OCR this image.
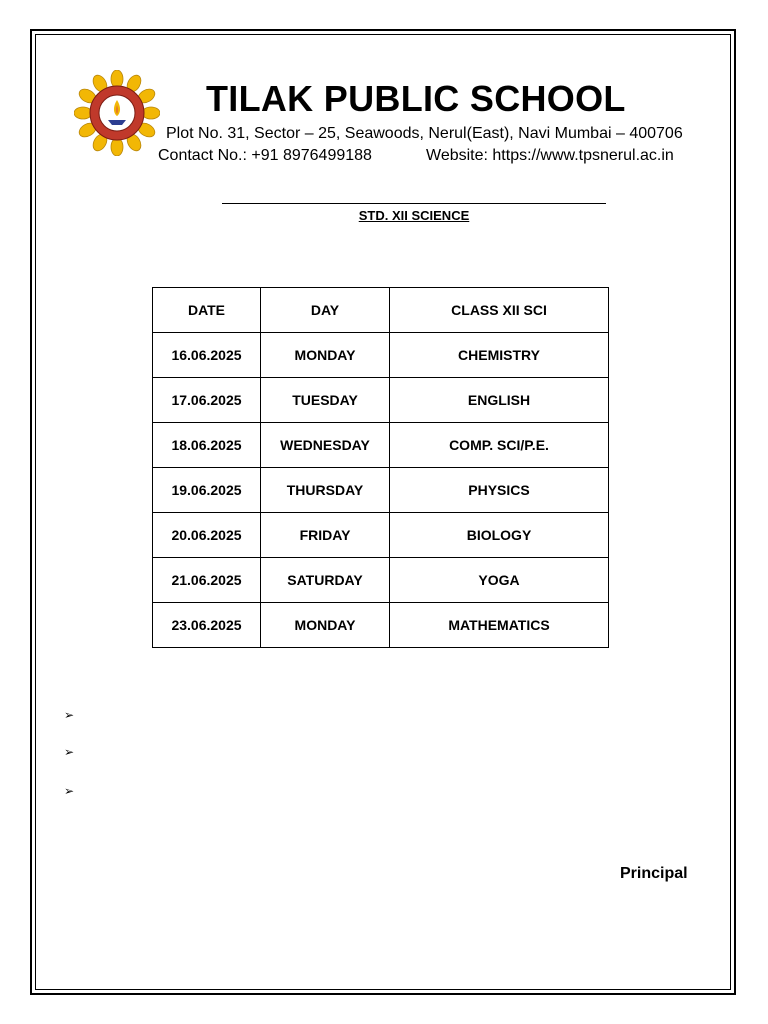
TILAK PUBLIC SCHOOL
Plot No. 31, Sector – 25, Seawoods, Nerul(East), Navi Mumbai – 400706
Contact No.: +91 8976499188	Website: https://www.tpsnerul.ac.in
STD. XII SCIENCE
DATE	DAY	CLASS XII SCI
16.06.2025	MONDAY	CHEMISTRY
17.06.2025	TUESDAY	ENGLISH
18.06.2025	WEDNESDAY	COMP. SCI/P.E.
19.06.2025	THURSDAY	PHYSICS
20.06.2025	FRIDAY	BIOLOGY
21.06.2025	SATURDAY	YOGA
23.06.2025	MONDAY	MATHEMATICS
➢
➢
➢
Principal
